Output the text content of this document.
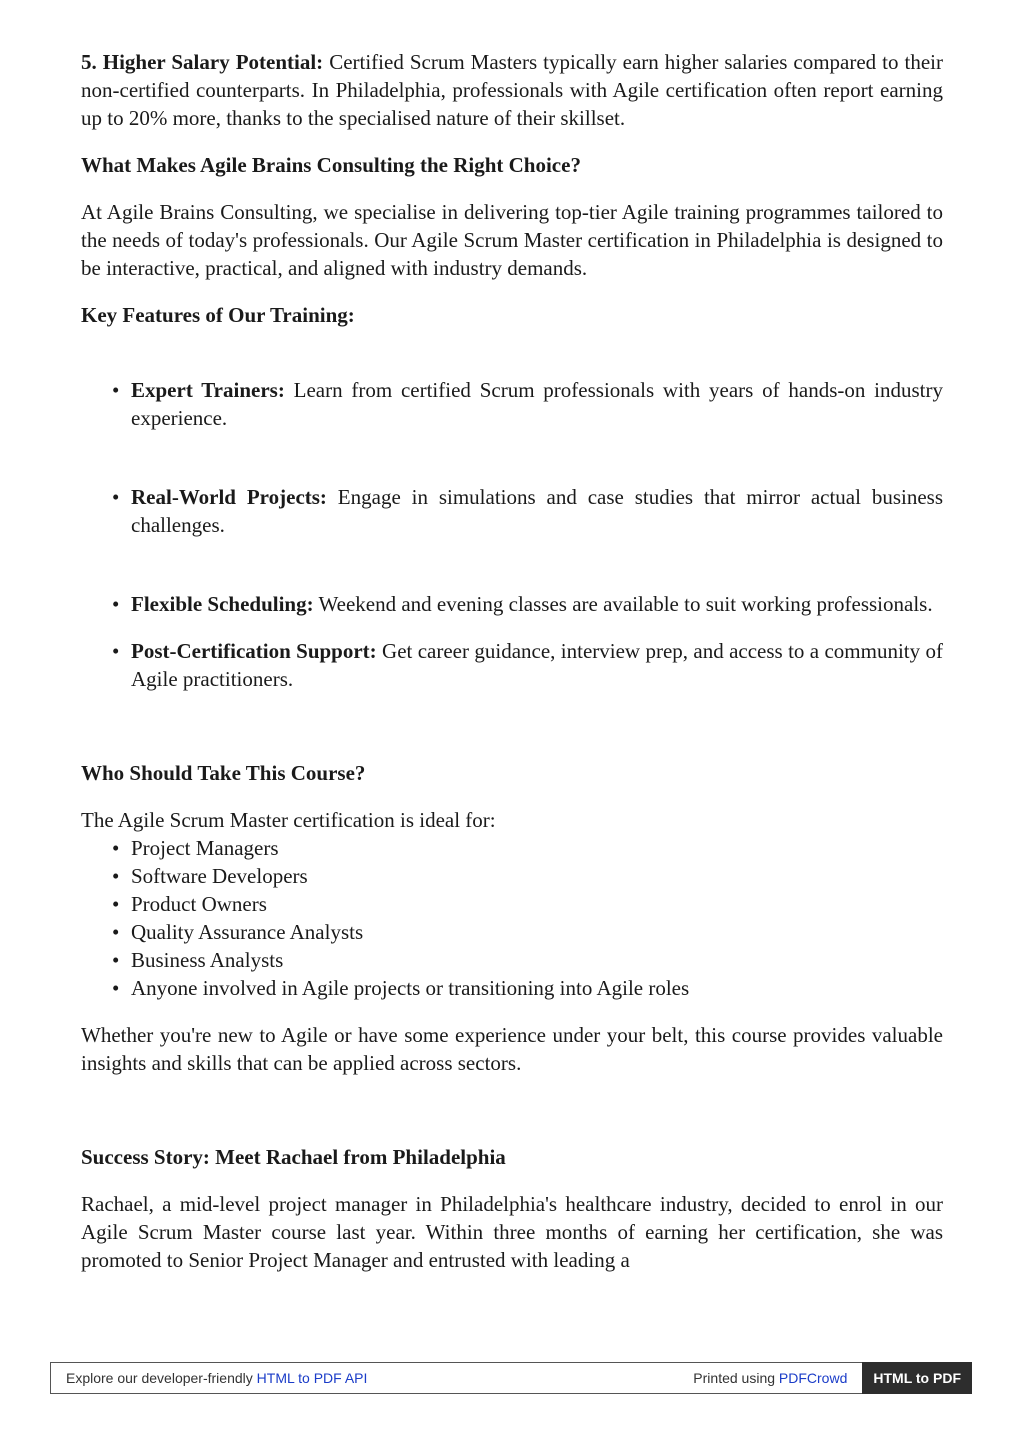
5. Higher Salary Potential: Certified Scrum Masters typically earn higher salaries compared to their non-certified counterparts. In Philadelphia, professionals with Agile certification often report earning up to 20% more, thanks to the specialised nature of their skillset.

What Makes Agile Brains Consulting the Right Choice?

At Agile Brains Consulting, we specialise in delivering top-tier Agile training programmes tailored to the needs of today's professionals. Our Agile Scrum Master certification in Philadelphia is designed to be interactive, practical, and aligned with industry demands.

Key Features of Our Training:

• Expert Trainers: Learn from certified Scrum professionals with years of hands-on industry experience.
• Real-World Projects: Engage in simulations and case studies that mirror actual business challenges.
• Flexible Scheduling: Weekend and evening classes are available to suit working professionals.
• Post-Certification Support: Get career guidance, interview prep, and access to a community of Agile practitioners.

Who Should Take This Course?

The Agile Scrum Master certification is ideal for:

• Project Managers
• Software Developers
• Product Owners
• Quality Assurance Analysts
• Business Analysts
• Anyone involved in Agile projects or transitioning into Agile roles

Whether you're new to Agile or have some experience under your belt, this course provides valuable insights and skills that can be applied across sectors.

Success Story: Meet Rachael from Philadelphia

Rachael, a mid-level project manager in Philadelphia's healthcare industry, decided to enrol in our Agile Scrum Master course last year. Within three months of earning her certification, she was promoted to Senior Project Manager and entrusted with leading a

Explore our developer-friendly HTML to PDF API	Printed using PDFCrowd	HTML to PDF
